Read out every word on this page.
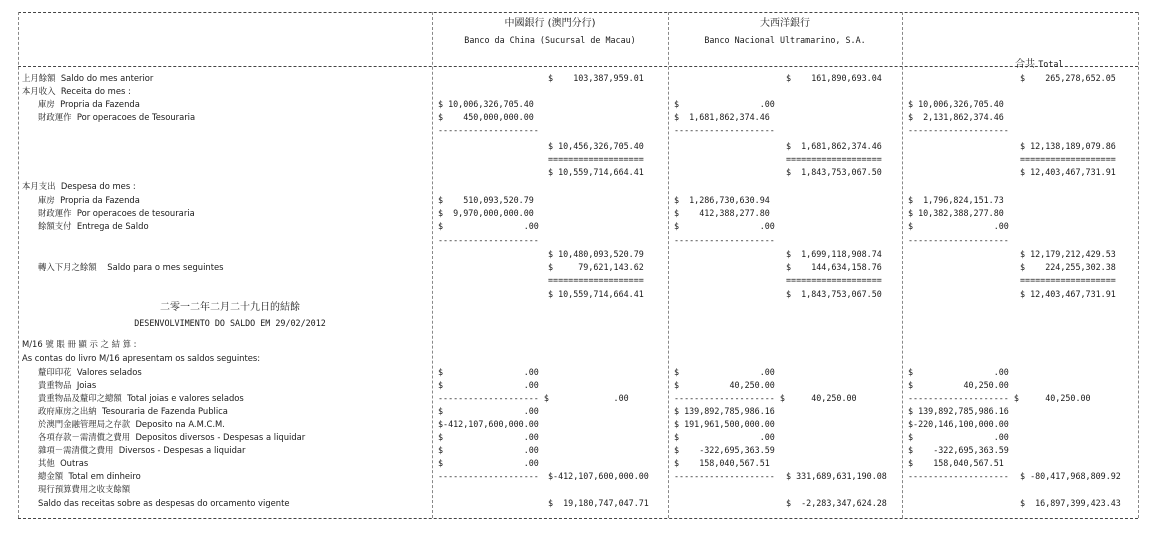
中國銀行 (澳門分行)
Banco da China (Sucursal de Macau)
大西洋銀行
Banco Nacional Ultramarino, S.A.

合共 Total

上月餘額  Saldo do mes anterior	$    103,387,959.01	$    161,890,693.04	$    265,278,652.05
本月收入  Receita do mes :
庫房  Propria da Fazenda	$ 10,006,326,705.40	$                .00	$ 10,006,326,705.40
財政運作  Por operacoes de Tesouraria	$    450,000,000.00	$  1,681,862,374.46	$  2,131,862,374.46
--------------------	--------------------	--------------------
$ 10,456,326,705.40	$  1,681,862,374.46	$ 12,138,189,079.86
===================	===================	===================
$ 10,559,714,664.41	$  1,843,753,067.50	$ 12,403,467,731.91
本月支出  Despesa do mes :
庫房  Propria da Fazenda	$    510,093,520.79	$  1,286,730,630.94	$  1,796,824,151.73
財政運作  Por operacoes de tesouraria	$  9,970,000,000.00	$    412,388,277.80	$ 10,382,388,277.80
餘額支付  Entrega de Saldo	$                .00	$                .00	$                .00
--------------------	--------------------	--------------------
$ 10,480,093,520.79	$  1,699,118,908.74	$ 12,179,212,429.53
轉入下月之餘額    Saldo para o mes seguintes	$     79,621,143.62	$    144,634,158.76	$    224,255,302.38
===================	===================	===================
$ 10,559,714,664.41	$  1,843,753,067.50	$ 12,403,467,731.91
M/16 號 賬 冊 顯 示 之 結 算 :
As contas do livro M/16 apresentam os saldos seguintes:
釐印印花  Valores selados	$                .00	$                .00	$                .00
貴重物品  Joias	$                .00	$          40,250.00	$          40,250.00
貴重物品及釐印之總額  Total joias e valores selados	-------------------- $ .00	-------------------- $ 40,250.00	-------------------- $ 40,250.00
政府庫房之出納  Tesouraria de Fazenda Publica	$                .00	$ 139,892,785,986.16	$ 139,892,785,986.16
於澳門金融管理局之存款  Deposito na A.M.C.M.	$-412,107,600,000.00	$ 191,961,500,000.00	$-220,146,100,000.00
各項存款－需清償之費用  Depositos diversos - Despesas a liquidar	$                .00	$                .00	$                .00
雜項－需清償之費用  Diversos - Despesas a liquidar	$                .00	$    -322,695,363.59	$    -322,695,363.59
其他  Outras	$                .00	$    158,040,567.51	$    158,040,567.51
總金額  Total em dinheiro	-------------------- $-412,107,600,000.00	-------------------- $ 331,689,631,190.08	-------------------- $ -80,417,968,809.92
現行預算費用之收支餘額
Saldo das receitas sobre as despesas do orcamento vigente	$  19,180,747,047.71	$  -2,283,347,624.28	$  16,897,399,423.43
二零一二年二月二十九日的結餘
DESENVOLVIMENTO DO SALDO EM 29/02/2012
